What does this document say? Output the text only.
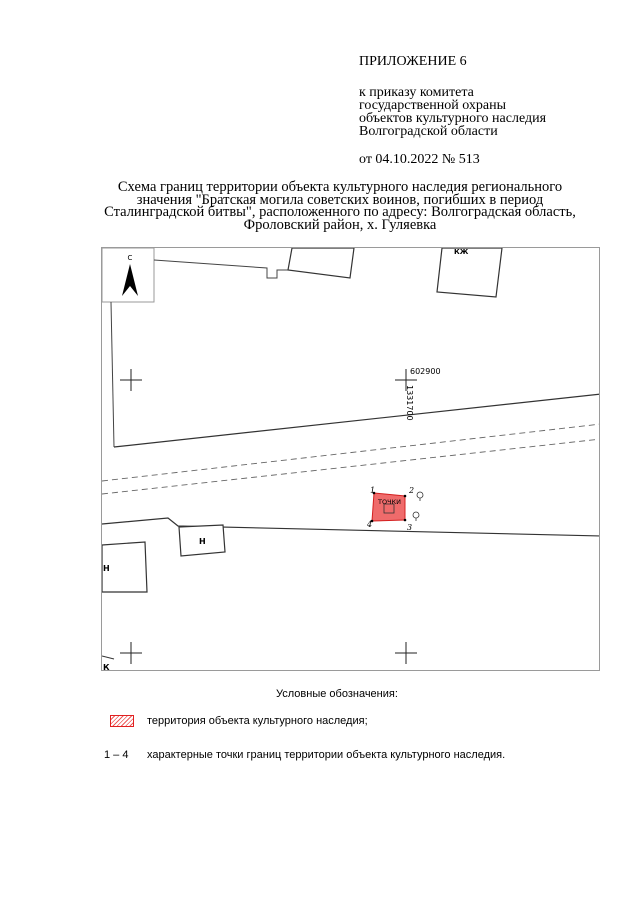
ПРИЛОЖЕНИЕ 6
к приказу комитета
государственной охраны
объектов культурного наследия
Волгоградской области
от 04.10.2022 № 513
Схема границ территории объекта культурного наследия регионального
значения "Братская могила советских воинов, погибших в период
Сталинградской битвы", расположенного по адресу: Волгоградская область,
Фроловский район, х. Гуляевка
С
КЖ
602900
1331700
Н
Н
К
ТОЧКИ
1	2
3
4
Условные обозначения:
территория объекта культурного наследия;
1 – 4 характерные точки границ территории объекта культурного наследия.
